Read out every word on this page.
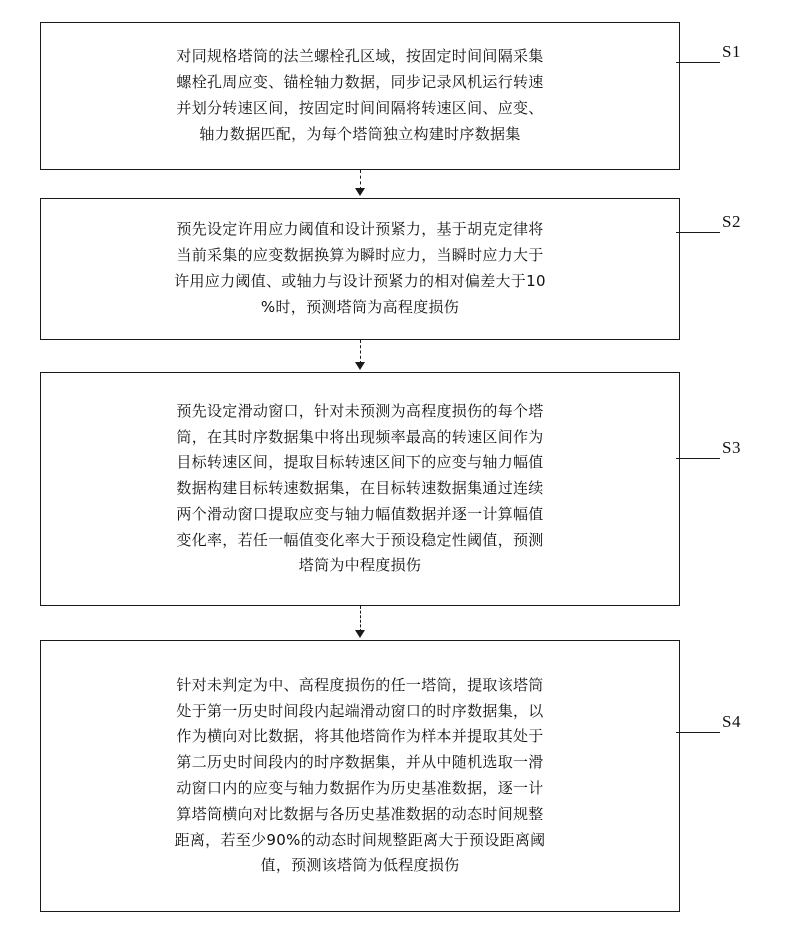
对同规格塔筒的法兰螺栓孔区域，按固定时间间隔采集
螺栓孔周应变、锚栓轴力数据，同步记录风机运行转速
并划分转速区间，按固定时间间隔将转速区间、应变、
轴力数据匹配，为每个塔筒独立构建时序数据集
S1
预先设定许用应力阈值和设计预紧力，基于胡克定律将
当前采集的应变数据换算为瞬时应力，当瞬时应力大于
许用应力阈值、或轴力与设计预紧力的相对偏差大于10
%时，预测塔筒为高程度损伤
S2
预先设定滑动窗口，针对未预测为高程度损伤的每个塔
筒，在其时序数据集中将出现频率最高的转速区间作为
目标转速区间，提取目标转速区间下的应变与轴力幅值
数据构建目标转速数据集，在目标转速数据集通过连续
两个滑动窗口提取应变与轴力幅值数据并逐一计算幅值
变化率，若任一幅值变化率大于预设稳定性阈值，预测
塔筒为中程度损伤
S3
针对未判定为中、高程度损伤的任一塔筒，提取该塔筒
处于第一历史时间段内起端滑动窗口的时序数据集，以
作为横向对比数据，将其他塔筒作为样本并提取其处于
第二历史时间段内的时序数据集，并从中随机选取一滑
动窗口内的应变与轴力数据作为历史基准数据，逐一计
算塔筒横向对比数据与各历史基准数据的动态时间规整
距离，若至少90%的动态时间规整距离大于预设距离阈
值，预测该塔筒为低程度损伤
S4
